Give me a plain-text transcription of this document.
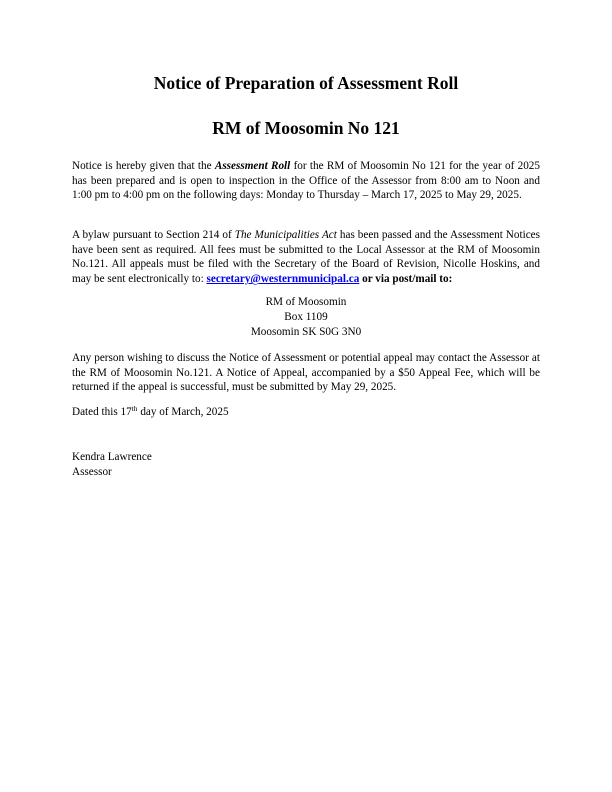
Notice of Preparation of Assessment Roll
RM of Moosomin No 121

Notice is hereby given that the Assessment Roll for the RM of Moosomin No 121 for the year of 2025 has been prepared and is open to inspection in the Office of the Assessor from 8:00 am to Noon and 1:00 pm to 4:00 pm on the following days: Monday to Thursday – March 17, 2025 to May 29, 2025.

A bylaw pursuant to Section 214 of The Municipalities Act has been passed and the Assessment Notices have been sent as required. All fees must be submitted to the Local Assessor at the RM of Moosomin No.121. All appeals must be filed with the Secretary of the Board of Revision, Nicolle Hoskins, and may be sent electronically to: secretary@westernmunicipal.ca or via post/mail to:

RM of Moosomin
Box 1109
Moosomin SK S0G 3N0

Any person wishing to discuss the Notice of Assessment or potential appeal may contact the Assessor at the RM of Moosomin No.121. A Notice of Appeal, accompanied by a $50 Appeal Fee, which will be returned if the appeal is successful, must be submitted by May 29, 2025.

Dated this 17th day of March, 2025

Kendra Lawrence
Assessor
